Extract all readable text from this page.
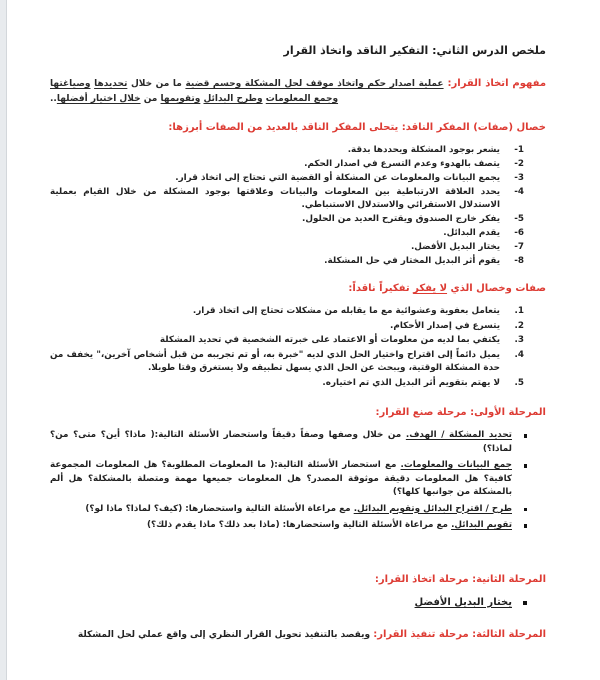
ملخص الدرس الثاني: التفكير الناقد واتخاذ القرار

مفهوم اتخاذ القرار: عملية اصدار حكم واتخاذ موقف لحل المشكلة وحسم قضية ما من خلال تحديدها وصياغتها وجمع المعلومات وطرح البدائل وتقويمها من خلال اختيار أفضلها..

خصال (صفات) المفكر الناقد: يتحلى المفكر الناقد بالعديد من الصفات أبرزها:
يشعر بوجود المشكلة ويحددها بدقة.
يتصف بالهدوء وعدم التسرع في اصدار الحكم.
يجمع البيانات والمعلومات عن المشكلة أو القضية التي تحتاج إلى اتخاذ قرار.
يحدد العلاقة الارتباطية بين المعلومات والبيانات وعلاقتها بوجود المشكلة من خلال القيام بعملية الاستدلال الاستقرائي والاستدلال الاستنباطي.
يفكر خارج الصندوق ويقترح العديد من الحلول.
يقدم البدائل.
يختار البديل الأفضل.
يقوم أثر البديل المختار في حل المشكلة.
صفات وخصال الذي لا يفكر تفكيراً ناقداً:
يتعامل بعفوية وعشوائية مع ما يقابله من مشكلات تحتاج إلى اتخاذ قرار.
يتسرع في إصدار الأحكام.
يكتفي بما لديه من معلومات أو الاعتماد على خبرته الشخصية في تحديد المشكلة
يميل دائماً إلى اقتراح واختيار الحل الذي لديه "خبرة به، أو تم تجريبه من قبل أشخاص آخرين،" يخفف من حدة المشكلة الوقتية، ويبحث عن الحل الذي يسهل تطبيقه ولا يستغرق وقتا طويلا.
لا يهتم بتقويم أثر البديل الذي تم اختياره.
المرحلة الأولى: مرحلة صنع القرار:
تحديد المشكلة / الهدف. من خلال وصفها وصفاً دقيقاً واستحضار الأسئلة التالية:( ماذا؟ أين؟ متى؟ من؟ لماذا؟)
جمع البيانات والمعلومات. مع استحضار الأسئلة التالية:( ما المعلومات المطلوبة؟ هل المعلومات المجموعة كافية؟ هل المعلومات دقيقة موثوقة المصدر؟ هل المعلومات جميعها مهمة ومتصلة بالمشكلة؟ هل ألم بالمشكلة من جوانبها كلها؟)
طرح / اقتراح البدائل وتقويم البدائل. مع مراعاة الأسئلة التالية واستحضارها: (كيف؟ لماذا؟ ماذا لو؟)
تقويم البدائل. مع مراعاة الأسئلة التالية واستحضارها: (ماذا بعد ذلك؟ ماذا يقدم ذلك؟)
المرحلة الثانية: مرحلة اتخاذ القرار:
يختار البديل الأفضل

المرحلة الثالثة: مرحلة تنفيذ القرار: ويقصد بالتنفيذ تحويل القرار النظري إلى واقع عملي لحل المشكلة
